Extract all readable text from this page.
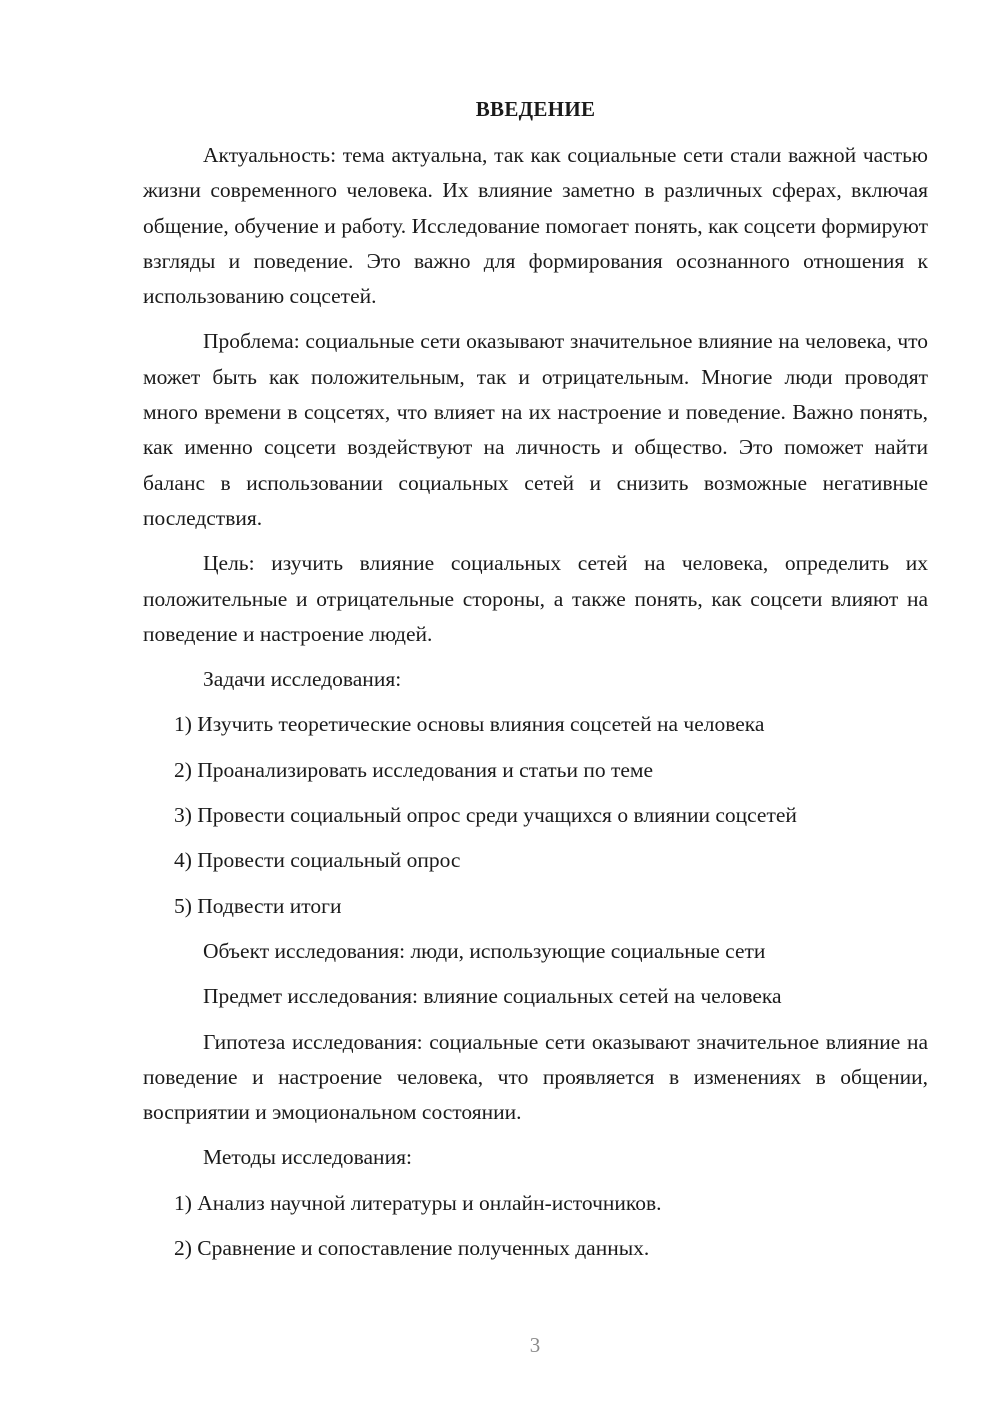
ВВЕДЕНИЕ

Актуальность: тема актуальна, так как социальные сети стали важной частью жизни современного человека. Их влияние заметно в различных сферах, включая общение, обучение и работу. Исследование помогает понять, как соцсети формируют взгляды и поведение. Это важно для формирования осознанного отношения к использованию соцсетей.

Проблема: социальные сети оказывают значительное влияние на человека, что может быть как положительным, так и отрицательным. Многие люди проводят много времени в соцсетях, что влияет на их настроение и поведение. Важно понять, как именно соцсети воздействуют на личность и общество. Это поможет найти баланс в использовании социальных сетей и снизить возможные негативные последствия.

Цель: изучить влияние социальных сетей на человека, определить их положительные и отрицательные стороны, а также понять, как соцсети влияют на поведение и настроение людей.

Задачи исследования:
1) Изучить теоретические основы влияния соцсетей на человека
2) Проанализировать исследования и статьи по теме
3) Провести социальный опрос среди учащихся о влиянии соцсетей
4) Провести социальный опрос
5) Подвести итоги
Объект исследования: люди, использующие социальные сети
Предмет исследования: влияние социальных сетей на человека

Гипотеза исследования: социальные сети оказывают значительное влияние на поведение и настроение человека, что проявляется в изменениях в общении, восприятии и эмоциональном состоянии.

Методы исследования:
1) Анализ научной литературы и онлайн-источников.
2) Сравнение и сопоставление полученных данных.
3
